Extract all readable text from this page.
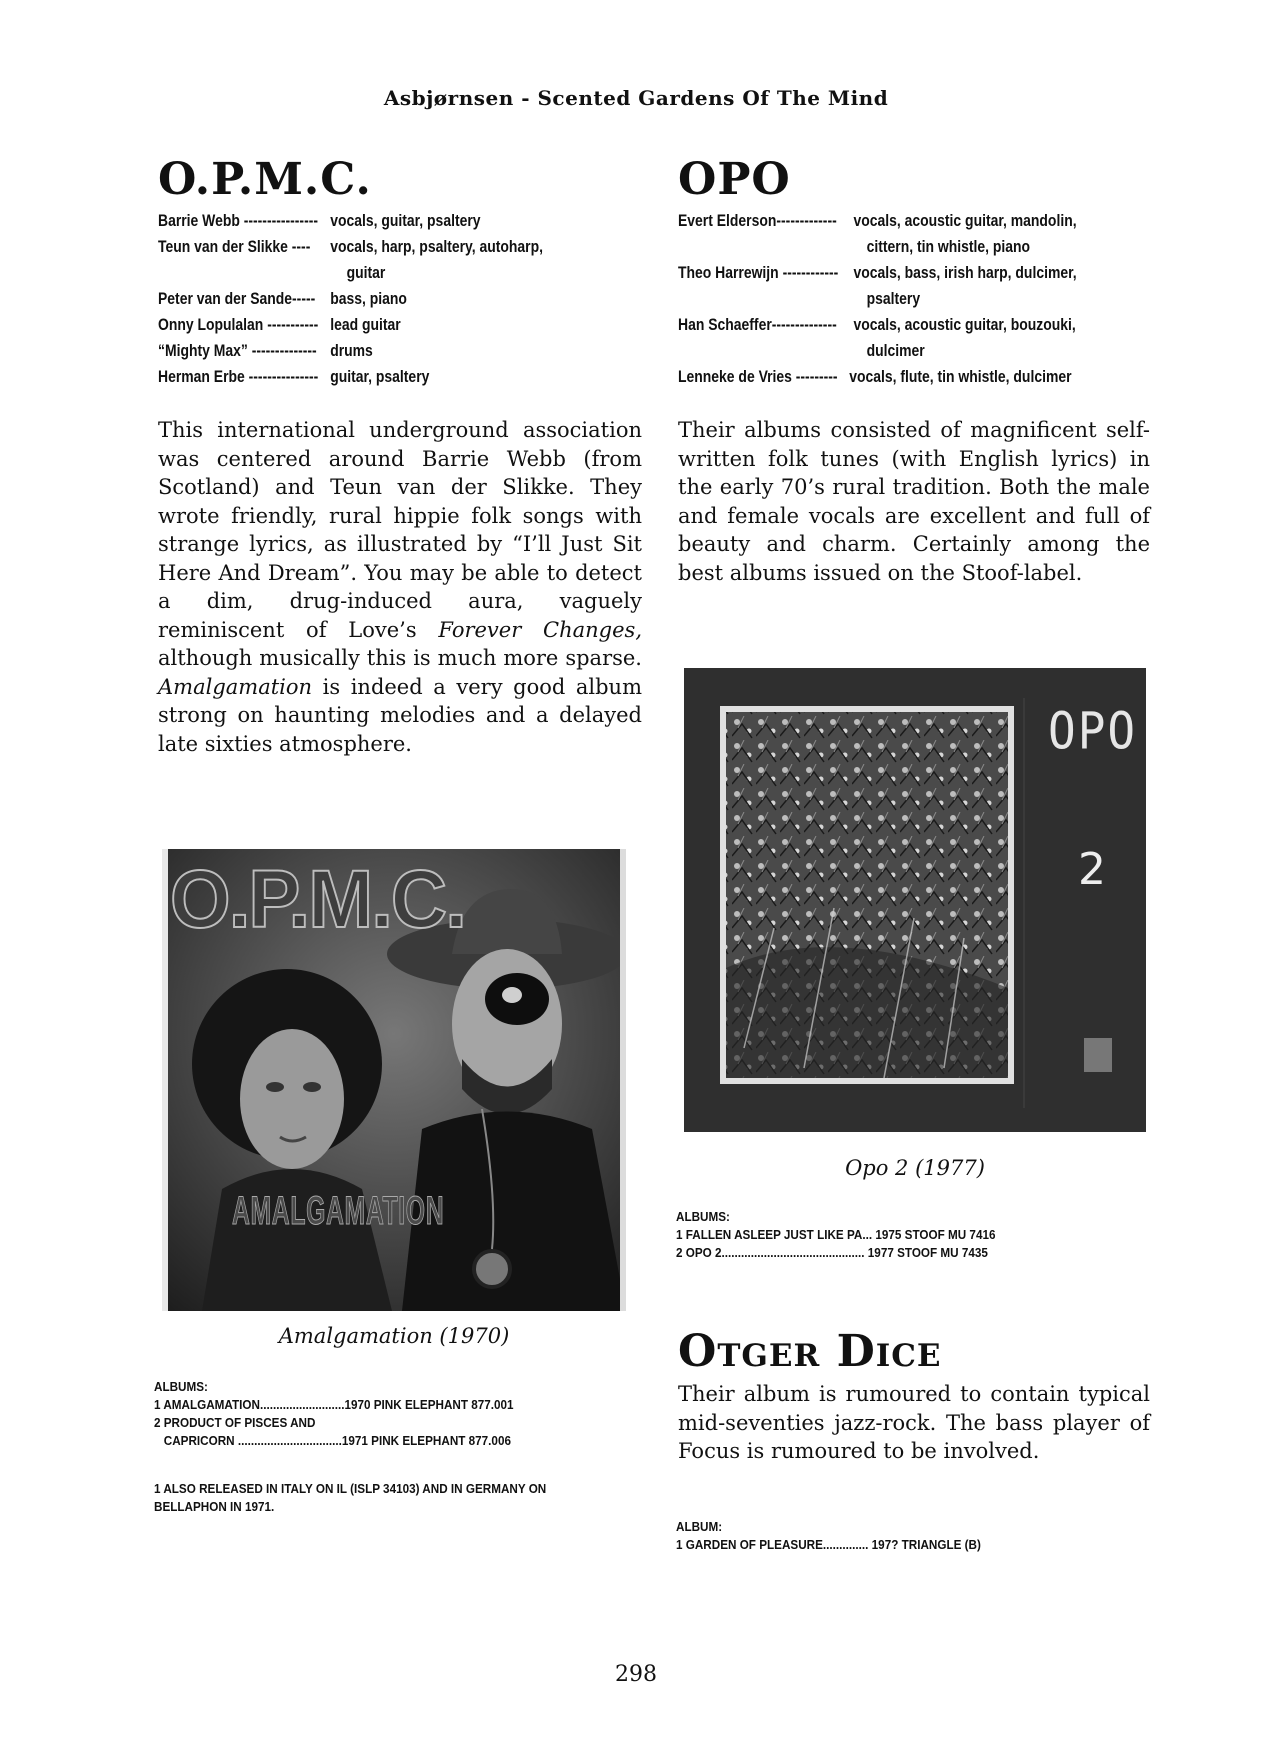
Asbjørnsen - Scented Gardens Of The Mind
O.P.M.C.
Barrie Webb ---------------- vocals, guitar, psaltery
Teun van der Slikke ----	vocals, harp, psaltery, autoharp,
guitar
Peter van der Sande----- bass, piano
Onny Lopulalan ----------- lead guitar
“Mighty Max” -------------- drums
Herman Erbe --------------- guitar, psaltery
This international underground association was centered around Barrie Webb (from Scotland) and Teun van der Slikke. They wrote friendly, rural hippie folk songs with strange lyrics, as illustrated by “I’ll Just Sit Here And Dream”. You may be able to detect a dim, drug-induced aura, vaguely reminiscent of Love’s Forever Changes, although musically this is much more sparse. Amalgamation is indeed a very good album strong on haunting melodies and a delayed late sixties atmosphere.
O.P.M.C.
AMALGAMATION
Amalgamation (1970)
ALBUMS:
1 AMALGAMATION..........................1970 PINK ELEPHANT 877.001
2 PRODUCT OF PISCES AND
CAPRICORN ................................1971 PINK ELEPHANT 877.006
1 ALSO RELEASED IN ITALY ON IL (ISLP 34103) AND IN GERMANY ON BELLAPHON IN 1971.
OPO
Evert Elderson------------- vocals, acoustic guitar, mandolin,
cittern, tin whistle, piano
Theo Harrewijn ------------ vocals, bass, irish harp, dulcimer,
psaltery
Han Schaeffer-------------- vocals, acoustic guitar, bouzouki,
dulcimer
Lenneke de Vries --------- vocals, flute, tin whistle, dulcimer
Their albums consisted of magnificent self-written folk tunes (with English lyrics) in the early 70’s rural tradition. Both the male and female vocals are excellent and full of beauty and charm. Certainly among the best albums issued on the Stoof-label.
OPO
2
Opo 2 (1977)
ALBUMS:
1 FALLEN ASLEEP JUST LIKE PA... 1975 STOOF MU 7416
2 OPO 2............................................ 1977 STOOF MU 7435
Otger Dice
Their album is rumoured to contain typical mid-seventies jazz-rock. The bass player of Focus is rumoured to be involved.
ALBUM:
1 GARDEN OF PLEASURE.............. 197? TRIANGLE (B)
298
